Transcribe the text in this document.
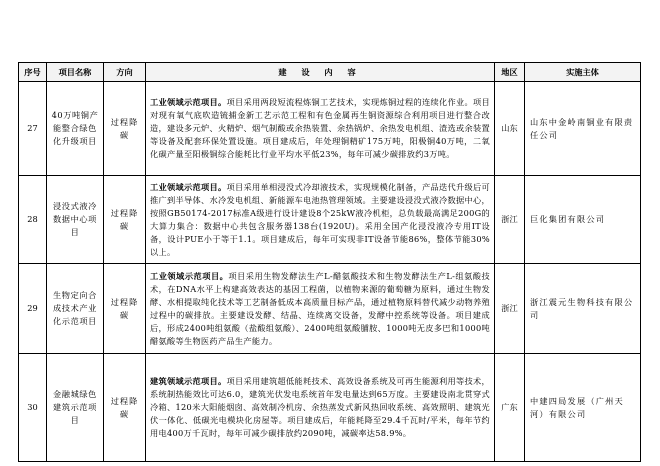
序号	项目名称	方向	建 设 内 容	地区	实施主体
27	40万吨铜产能整合绿色化升级项目	过程降碳	工业领域示范项目。项目采用两段短流程炼铜工艺技术，实现炼铜过程的连续化作业。项目对现有氧气底吹造锍捕金新工艺示范工程和有色金属再生铜资源综合利用项目进行整合改造，建设多元炉、火精炉、烟气制酸或余热装置、余热锅炉、余热发电机组、渣选或余装置等设备及配套环保处置设施。项目建成后，年处理铜精矿175万吨，阳极铜40万吨，二氧化碳产量至阳极铜综合能耗比行业平均水平低23%，每年可减少碳排放约3万吨。	山东	山东中金岭南铜业有限责任公司
28	浸没式液冷数据中心项目	过程降碳	工业领域示范项目。项目采用单相浸没式冷却液技术，实现规模化制备，产品迭代升级后可推广到半导体、水冷发电机组、新能源车电池热管理领域。主要建设浸没式液冷数据中心，按照GB50174-2017标准A级进行设计建设8个25kW液冷机柜，总负载最高满足200G的大算力集合：数据中心共包含服务器138台(1920U)。采用全国产化浸没液冷专用IT设备，设计PUE小于等于1.1。项目建成后，每年可实现非IT设备节能86%，整体节能30%以上。	浙江	巨化集团有限公司
29	生物定向合成技术产业化示范项目	过程降碳	工业领域示范项目。项目采用生物发酵法生产L-醋氨酸技术和生物发酵法生产L-组氨酸技术，在DNA水平上构建高效表达的基因工程菌，以植物来源的葡萄糖为原料，通过生物发酵、水相提取纯化技术等工艺制备低成本高质量目标产品，通过植物原料替代减少动物养殖过程中的碳排放。主要建设发酵、结晶、连续离交设备，发酵中控系统等设备。项目建成后，形成2400吨组氨酸（盐酸组氨酸）、2400吨组氨酸脯胺、1000吨无皮多巴和1000吨醋氨酸等生物医药产品生产能力。	浙江	浙江震元生物科技有限公司
30	金融城绿色建筑示范项目	过程降碳	建筑领域示范项目。项目采用建筑超低能耗技术、高效设备系统及可再生能源利用等技术，系统制热能效比可达6.0，建筑光伏发电系统首年发电量达到65万度。主要建设南北贯穿式冷箱、120米大阳能烟囱、高效制冷机房、余热蒸发式新风热回收系统、高效照明、建筑光伏一体化、低碳光电模块化房屋等。项目建成后，年能耗降至29.4千瓦时/平米，每年节约用电400万千瓦时，每年可减少碳排放约2090吨，减碳率达58.9%。	广东	中建四局发展（广州天河）有限公司
